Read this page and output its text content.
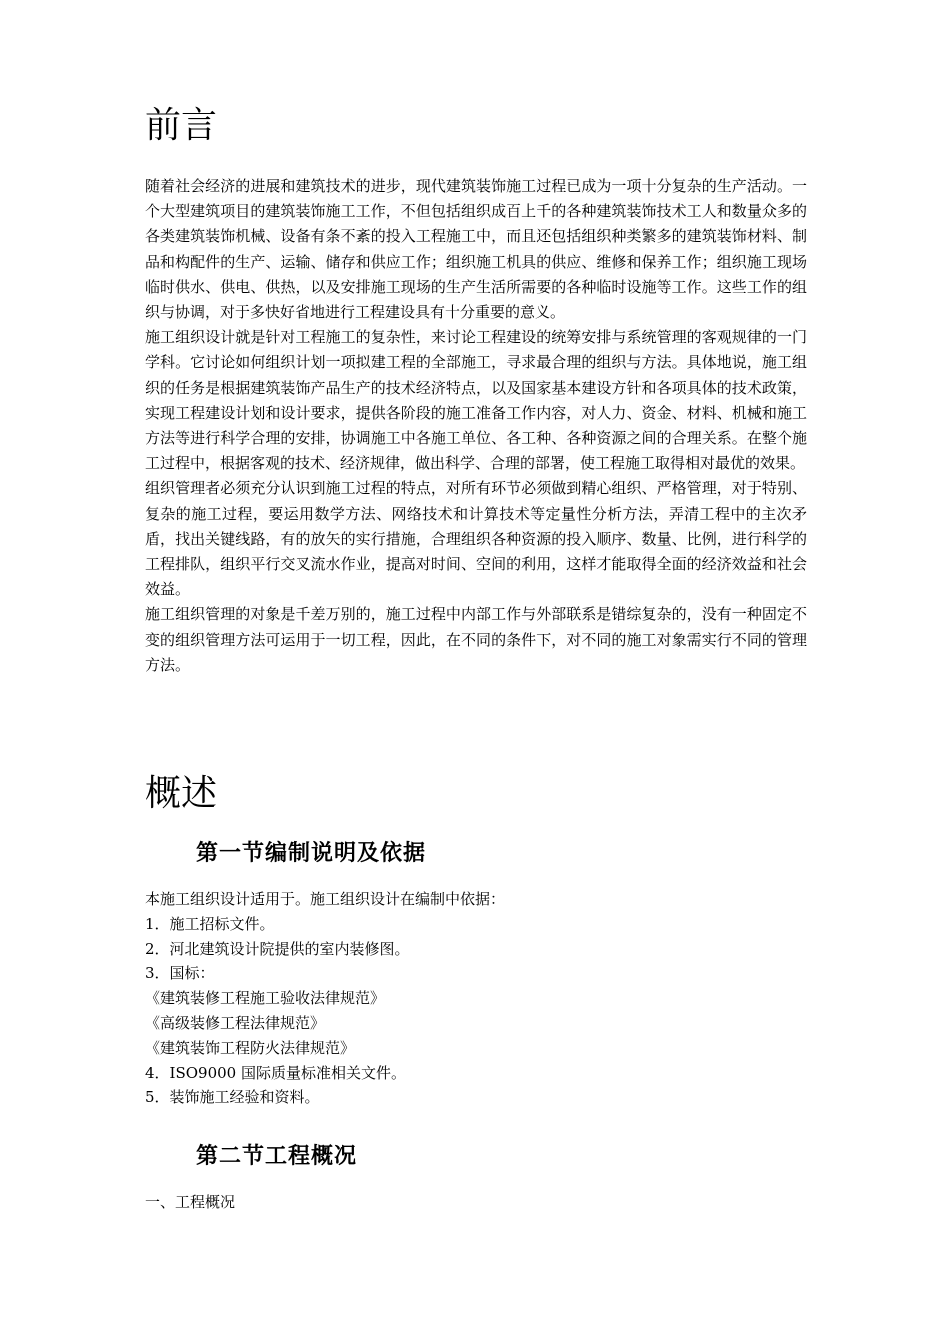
前言

随着社会经济的进展和建筑技术的进步，现代建筑装饰施工过程已成为一项十分复杂的生产活动。一个大型建筑项目的建筑装饰施工工作，不但包括组织成百上千的各种建筑装饰技术工人和数量众多的各类建筑装饰机械、设备有条不紊的投入工程施工中，而且还包括组织种类繁多的建筑装饰材料、制品和构配件的生产、运输、储存和供应工作；组织施工机具的供应、维修和保养工作；组织施工现场临时供水、供电、供热，以及安排施工现场的生产生活所需要的各种临时设施等工作。这些工作的组织与协调，对于多快好省地进行工程建设具有十分重要的意义。

施工组织设计就是针对工程施工的复杂性，来讨论工程建设的统筹安排与系统管理的客观规律的一门学科。它讨论如何组织计划一项拟建工程的全部施工，寻求最合理的组织与方法。具体地说，施工组织的任务是根据建筑装饰产品生产的技术经济特点，以及国家基本建设方针和各项具体的技术政策，实现工程建设计划和设计要求，提供各阶段的施工准备工作内容，对人力、资金、材料、机械和施工方法等进行科学合理的安排，协调施工中各施工单位、各工种、各种资源之间的合理关系。在整个施工过程中，根据客观的技术、经济规律，做出科学、合理的部署，使工程施工取得相对最优的效果。

组织管理者必须充分认识到施工过程的特点，对所有环节必须做到精心组织、严格管理，对于特别、复杂的施工过程，要运用数学方法、网络技术和计算技术等定量性分析方法，弄清工程中的主次矛盾，找出关键线路，有的放矢的实行措施，合理组织各种资源的投入顺序、数量、比例，进行科学的工程排队，组织平行交叉流水作业，提高对时间、空间的利用，这样才能取得全面的经济效益和社会效益。

施工组织管理的对象是千差万别的，施工过程中内部工作与外部联系是错综复杂的，没有一种固定不变的组织管理方法可运用于一切工程，因此，在不同的条件下，对不同的施工对象需实行不同的管理方法。

概述
第一节编制说明及依据
本施工组织设计适用于。施工组织设计在编制中依据：
1．施工招标文件。
2．河北建筑设计院提供的室内装修图。
3．国标：
《建筑装修工程施工验收法律规范》
《高级装修工程法律规范》
《建筑装饰工程防火法律规范》
4．ISO9000 国际质量标准相关文件。
5．装饰施工经验和资料。
第二节工程概况
一、工程概况
